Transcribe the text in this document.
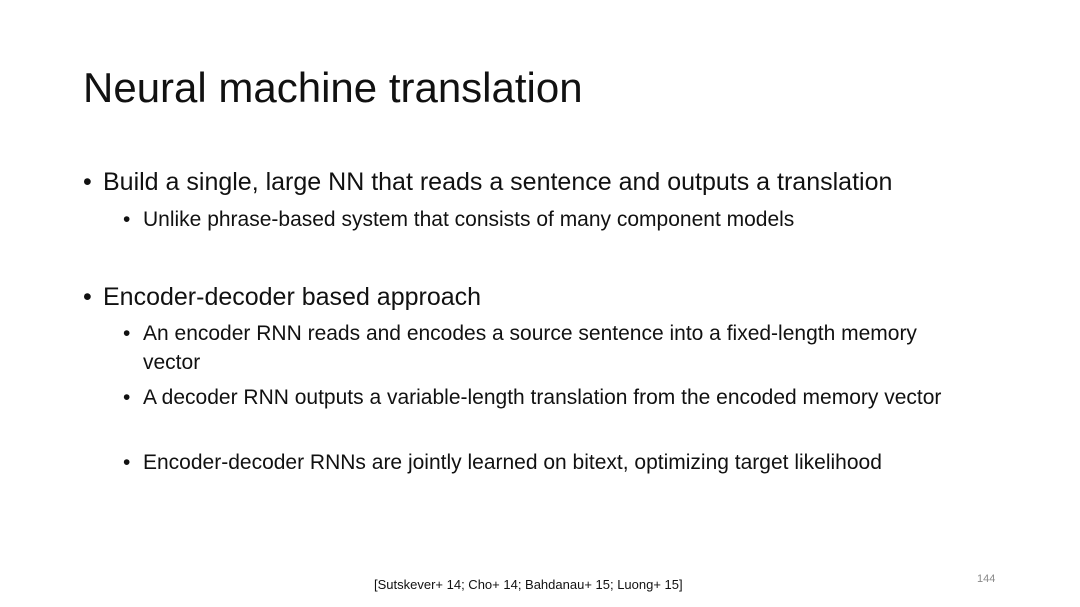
Neural machine translation
• Build a single, large NN that reads a sentence and outputs a translation
• Unlike phrase-based system that consists of many component models
• Encoder-decoder based approach
• An encoder RNN reads and encodes a source sentence into a fixed-length memory vector
• A decoder RNN outputs a variable-length translation from the encoded memory vector
• Encoder-decoder RNNs are jointly learned on bitext, optimizing target likelihood
[Sutskever+ 14; Cho+ 14; Bahdanau+ 15; Luong+ 15]	144
